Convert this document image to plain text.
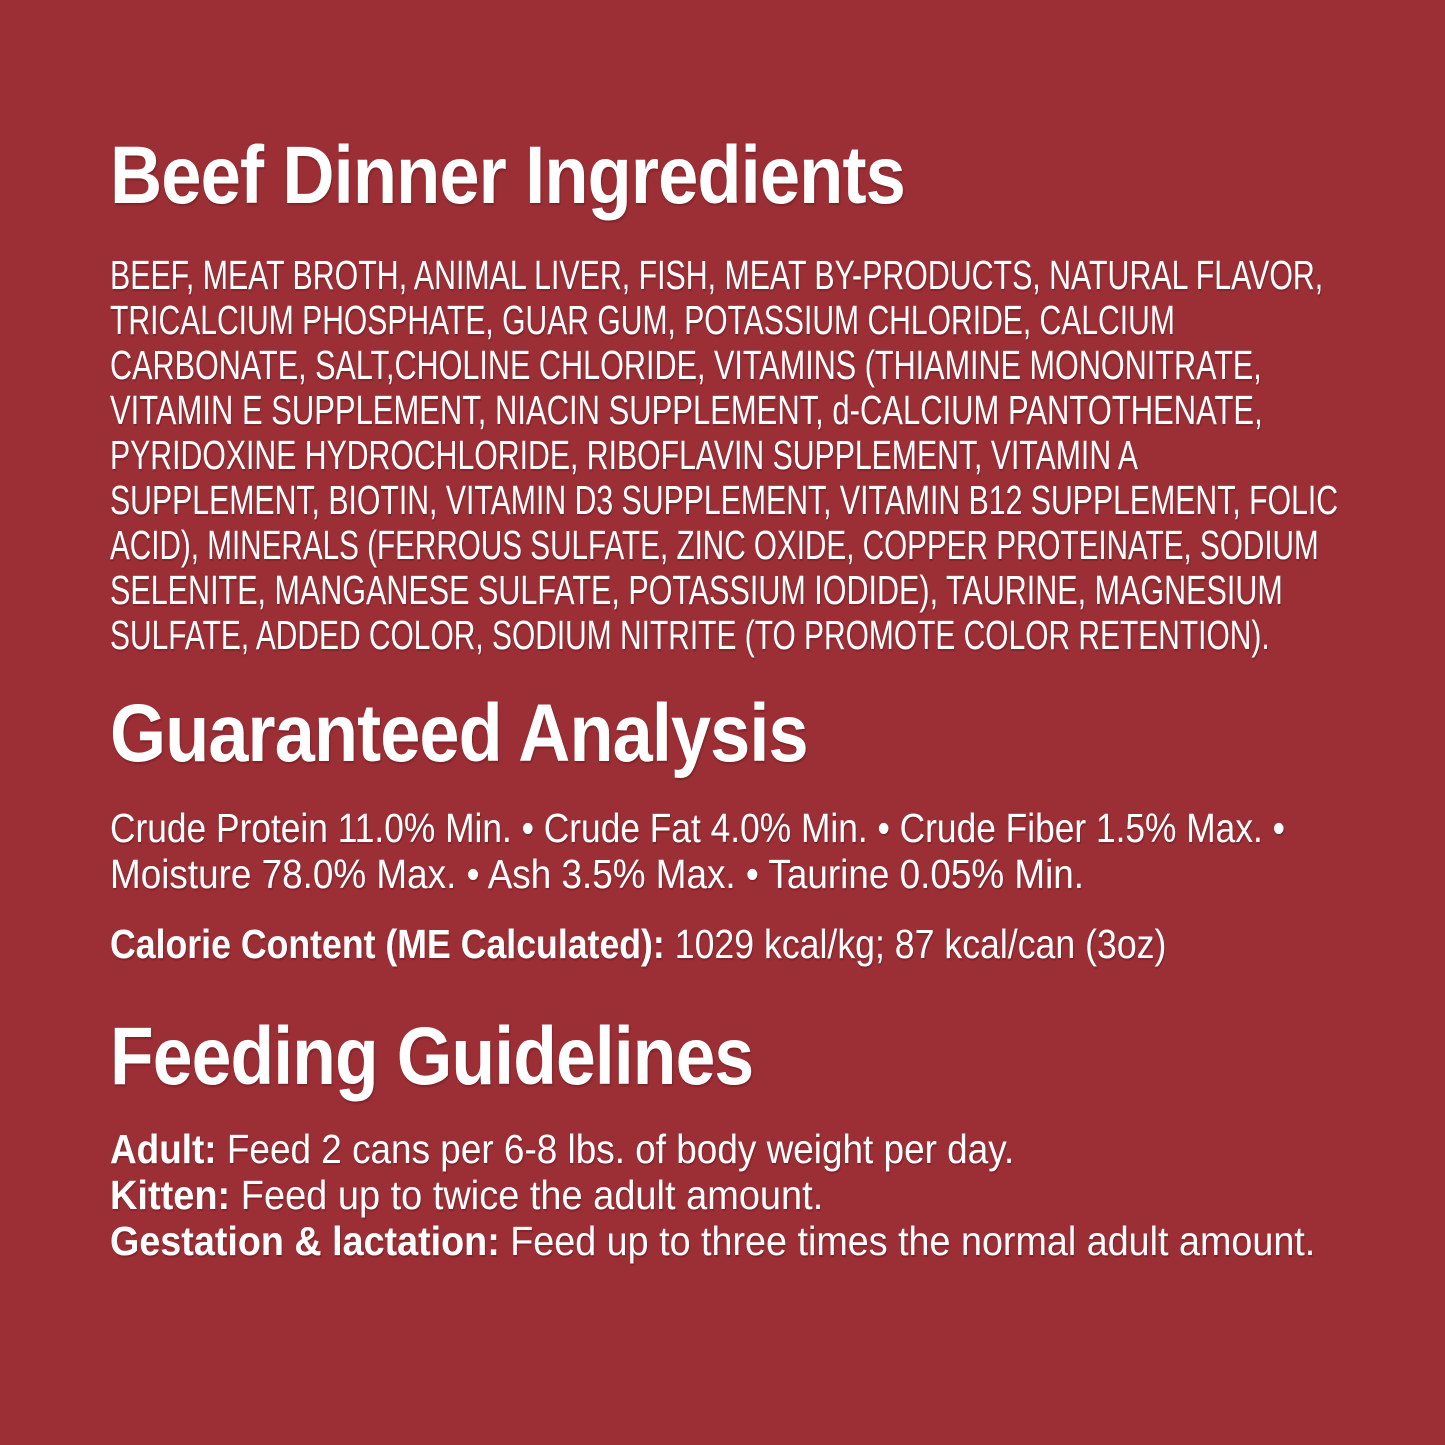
Beef Dinner Ingredients
BEEF, MEAT BROTH, ANIMAL LIVER, FISH, MEAT BY-PRODUCTS, NATURAL FLAVOR,
TRICALCIUM PHOSPHATE, GUAR GUM, POTASSIUM CHLORIDE, CALCIUM
CARBONATE, SALT,CHOLINE CHLORIDE, VITAMINS (THIAMINE MONONITRATE,
VITAMIN E SUPPLEMENT, NIACIN SUPPLEMENT, d-CALCIUM PANTOTHENATE,
PYRIDOXINE HYDROCHLORIDE, RIBOFLAVIN SUPPLEMENT, VITAMIN A
SUPPLEMENT, BIOTIN, VITAMIN D3 SUPPLEMENT, VITAMIN B12 SUPPLEMENT, FOLIC
ACID), MINERALS (FERROUS SULFATE, ZINC OXIDE, COPPER PROTEINATE, SODIUM
SELENITE, MANGANESE SULFATE, POTASSIUM IODIDE), TAURINE, MAGNESIUM
SULFATE, ADDED COLOR, SODIUM NITRITE (TO PROMOTE COLOR RETENTION).
Guaranteed Analysis
Crude Protein 11.0% Min. • Crude Fat 4.0% Min. • Crude Fiber 1.5% Max. •
Moisture 78.0% Max. • Ash 3.5% Max. • Taurine 0.05% Min.
Calorie Content (ME Calculated): 1029 kcal/kg; 87 kcal/can (3oz)
Feeding Guidelines
Adult: Feed 2 cans per 6-8 lbs. of body weight per day.
Kitten: Feed up to twice the adult amount.
Gestation & lactation: Feed up to three times the normal adult amount.
